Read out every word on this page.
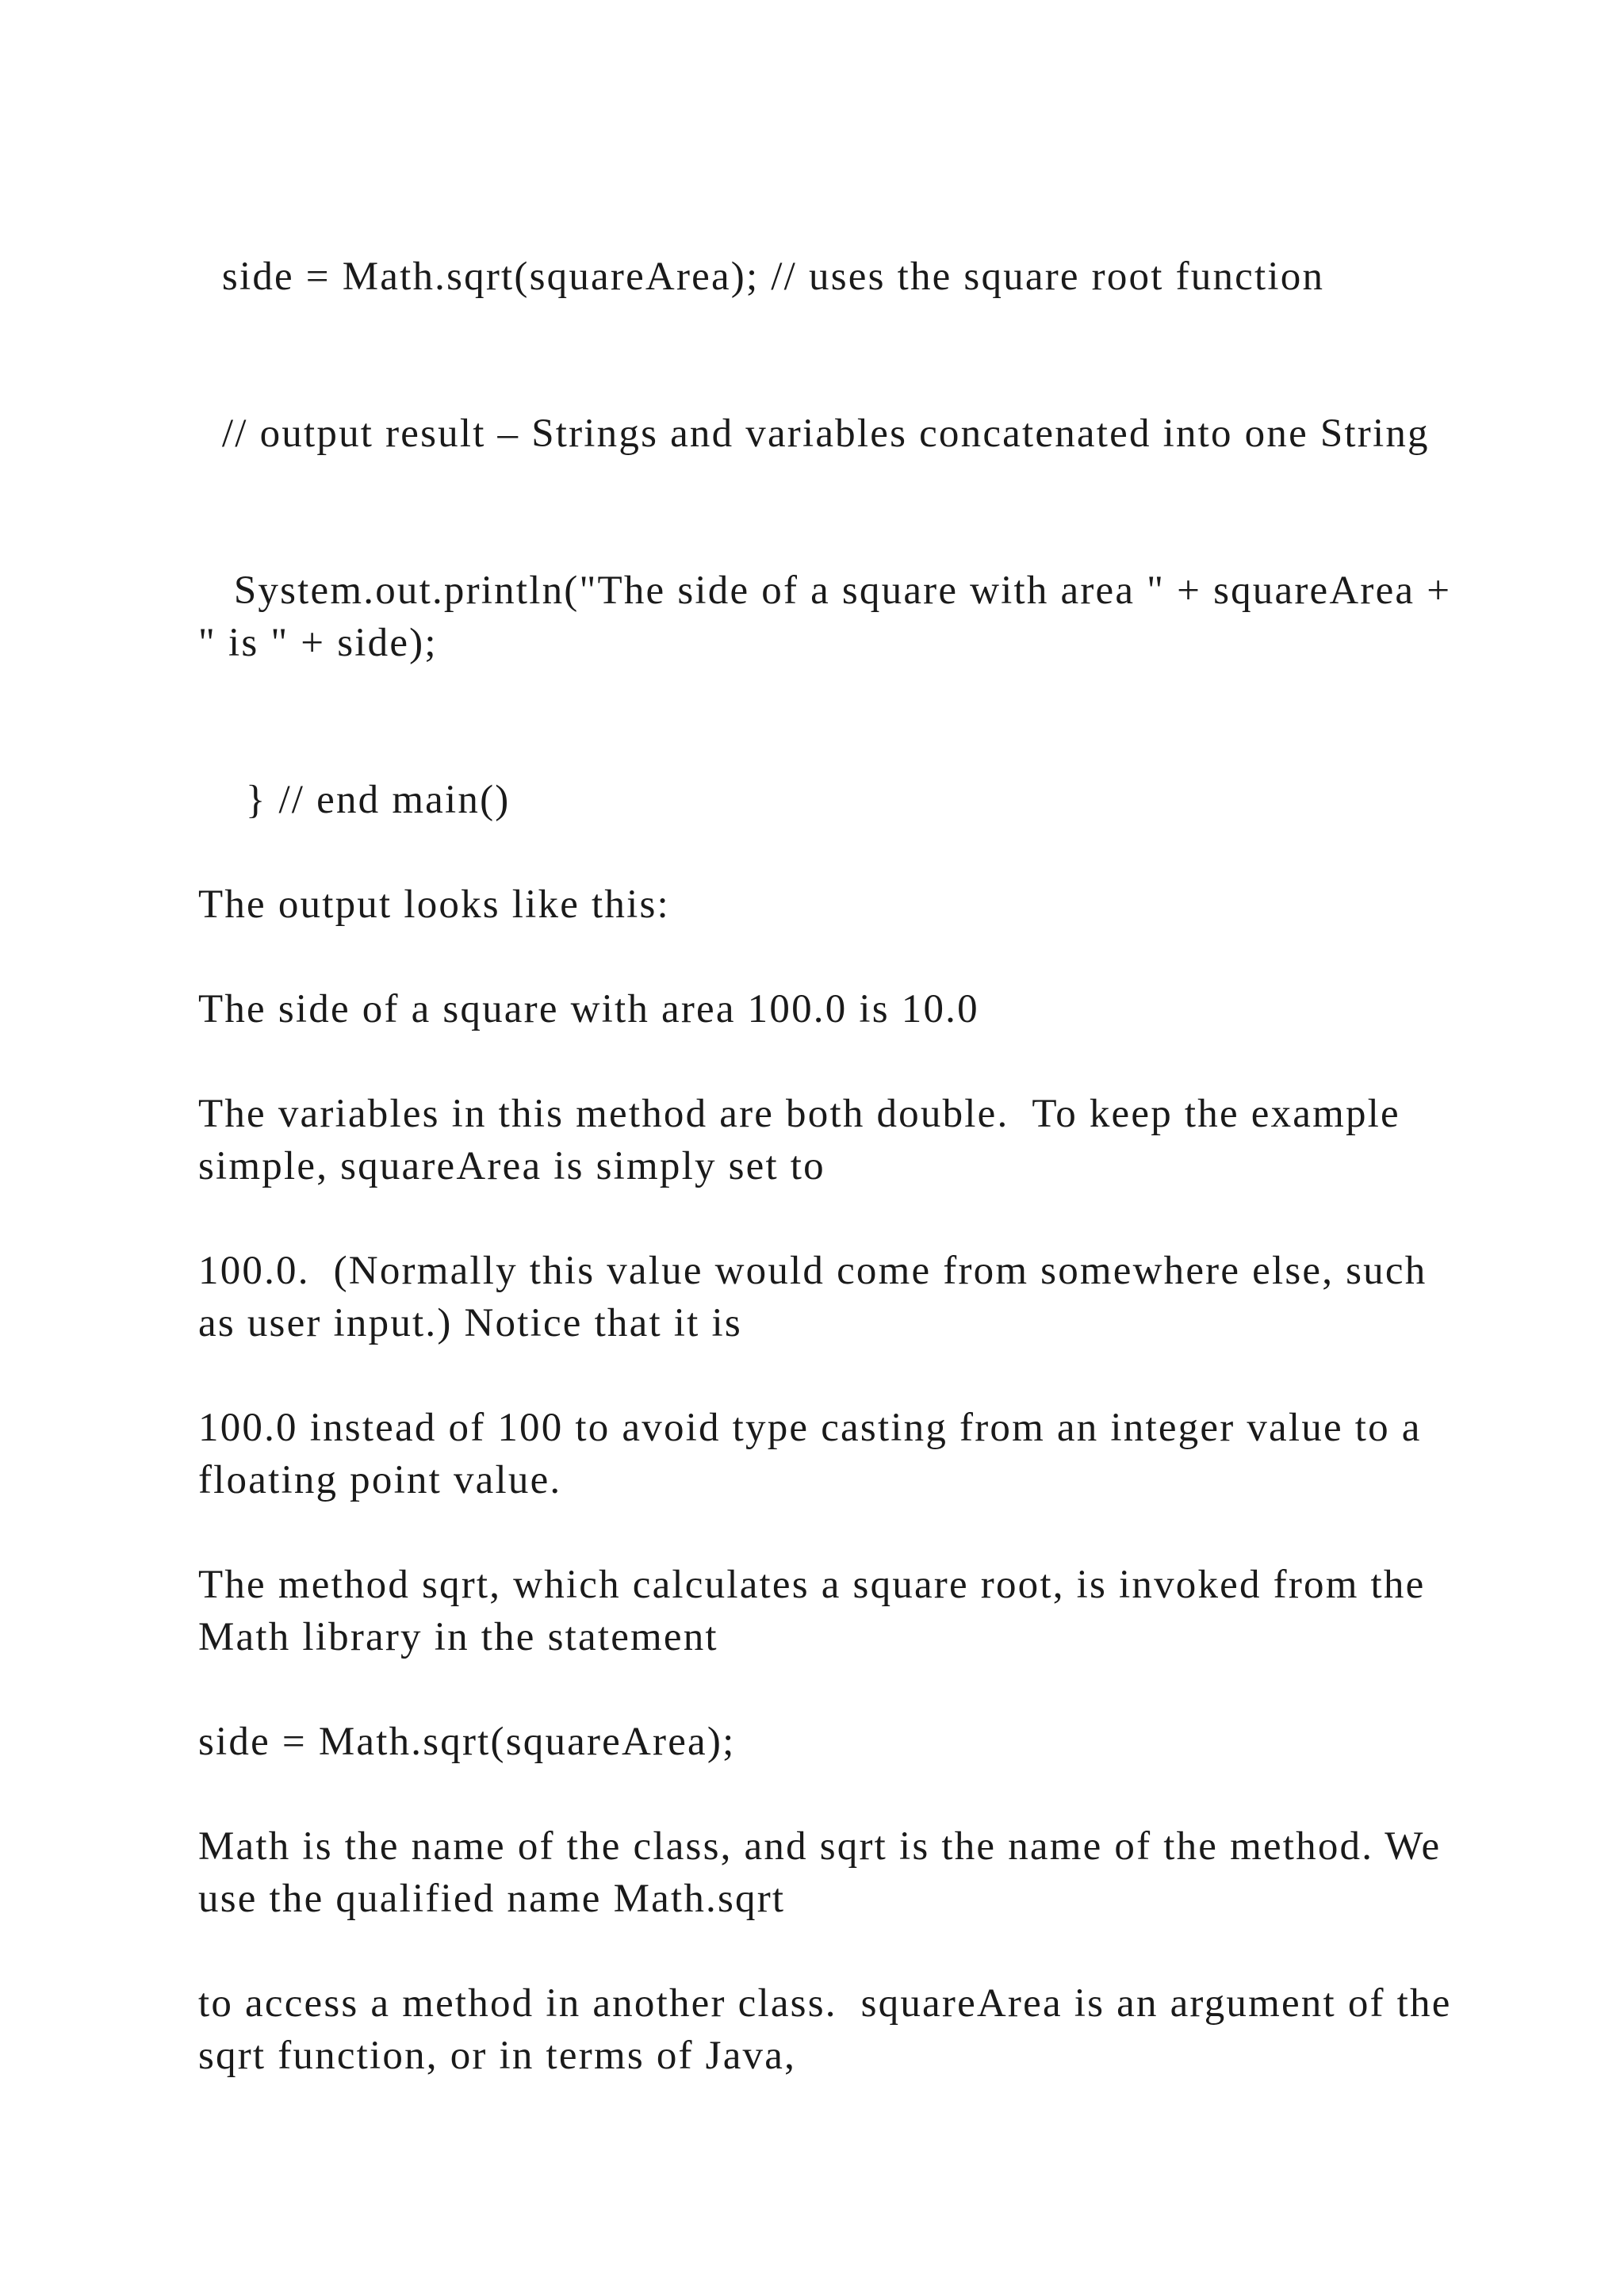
side = Math.sqrt(squareArea); // uses the square root function

// output result – Strings and variables concatenated into one String

System.out.println("The side of a square with area " + squareArea + " is " + side);

} // end main()

The output looks like this:

The side of a square with area 100.0 is 10.0

The variables in this method are both double.  To keep the example simple, squareArea is simply set to

100.0.  (Normally this value would come from somewhere else, such as user input.) Notice that it is

100.0 instead of 100 to avoid type casting from an integer value to a floating point value.

The method sqrt, which calculates a square root, is invoked from the Math library in the statement

side = Math.sqrt(squareArea);

Math is the name of the class, and sqrt is the name of the method. We use the qualified name Math.sqrt

to access a method in another class.  squareArea is an argument of the sqrt function, or in terms of Java,
